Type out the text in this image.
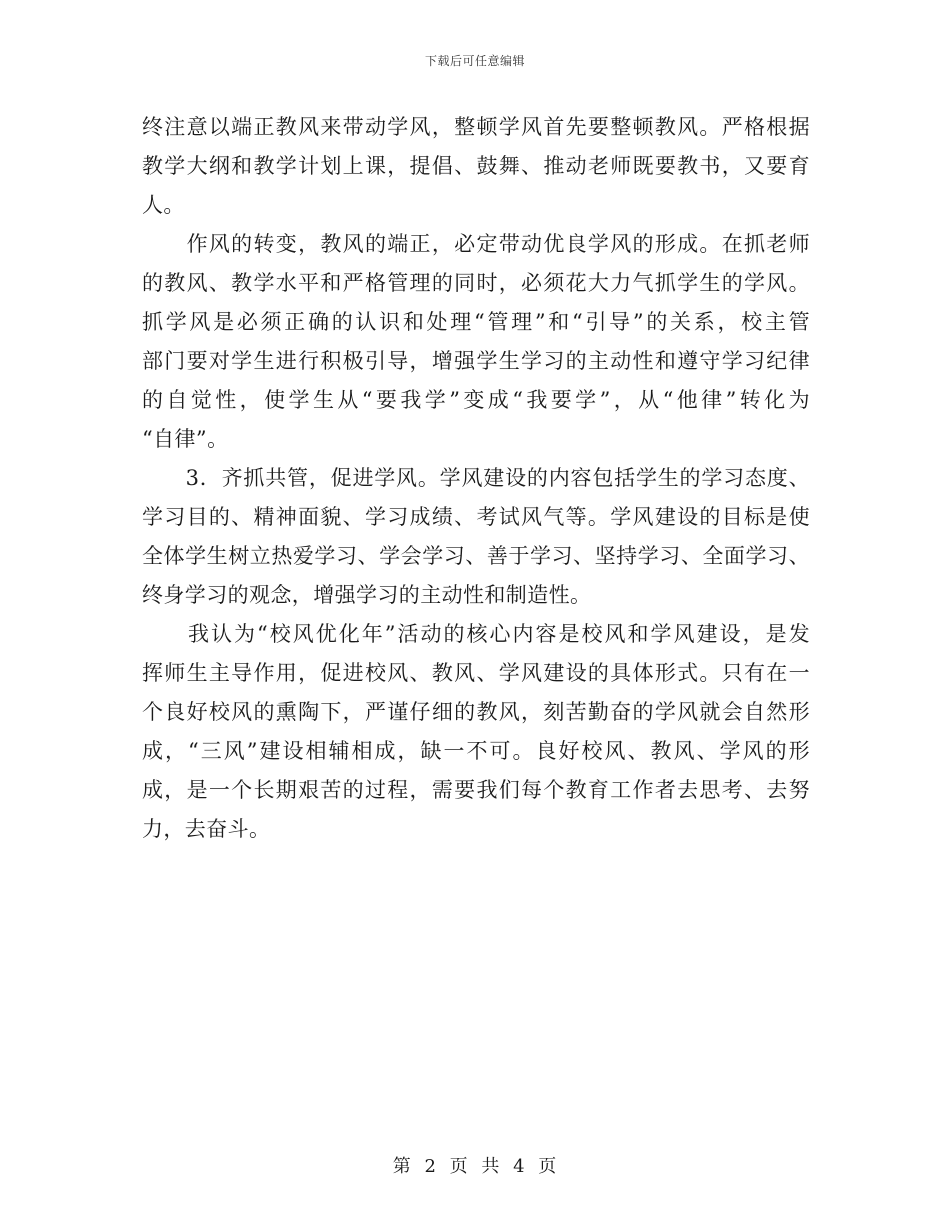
下载后可任意编辑
终注意以端正教风来带动学风，整顿学风首先要整顿教风。严格根据
教学大纲和教学计划上课，提倡、鼓舞、推动老师既要教书，又要育
人。
　　作风的转变，教风的端正，必定带动优良学风的形成。在抓老师
的教风、教学水平和严格管理的同时，必须花大力气抓学生的学风。
抓学风是必须正确的认识和处理“管理”和“引导”的关系，校主管
部门要对学生进行积极引导，增强学生学习的主动性和遵守学习纪律
的自觉性，使学生从“要我学”变成“我要学”，从“他律”转化为
“自律”。
　　3．齐抓共管，促进学风。学风建设的内容包括学生的学习态度、
学习目的、精神面貌、学习成绩、考试风气等。学风建设的目标是使
全体学生树立热爱学习、学会学习、善于学习、坚持学习、全面学习、
终身学习的观念，增强学习的主动性和制造性。
　　我认为“校风优化年”活动的核心内容是校风和学风建设，是发
挥师生主导作用，促进校风、教风、学风建设的具体形式。只有在一
个良好校风的熏陶下，严谨仔细的教风，刻苦勤奋的学风就会自然形
成，“三风”建设相辅相成，缺一不可。良好校风、教风、学风的形
成，是一个长期艰苦的过程，需要我们每个教育工作者去思考、去努
力，去奋斗。
第 2 页 共 4 页
